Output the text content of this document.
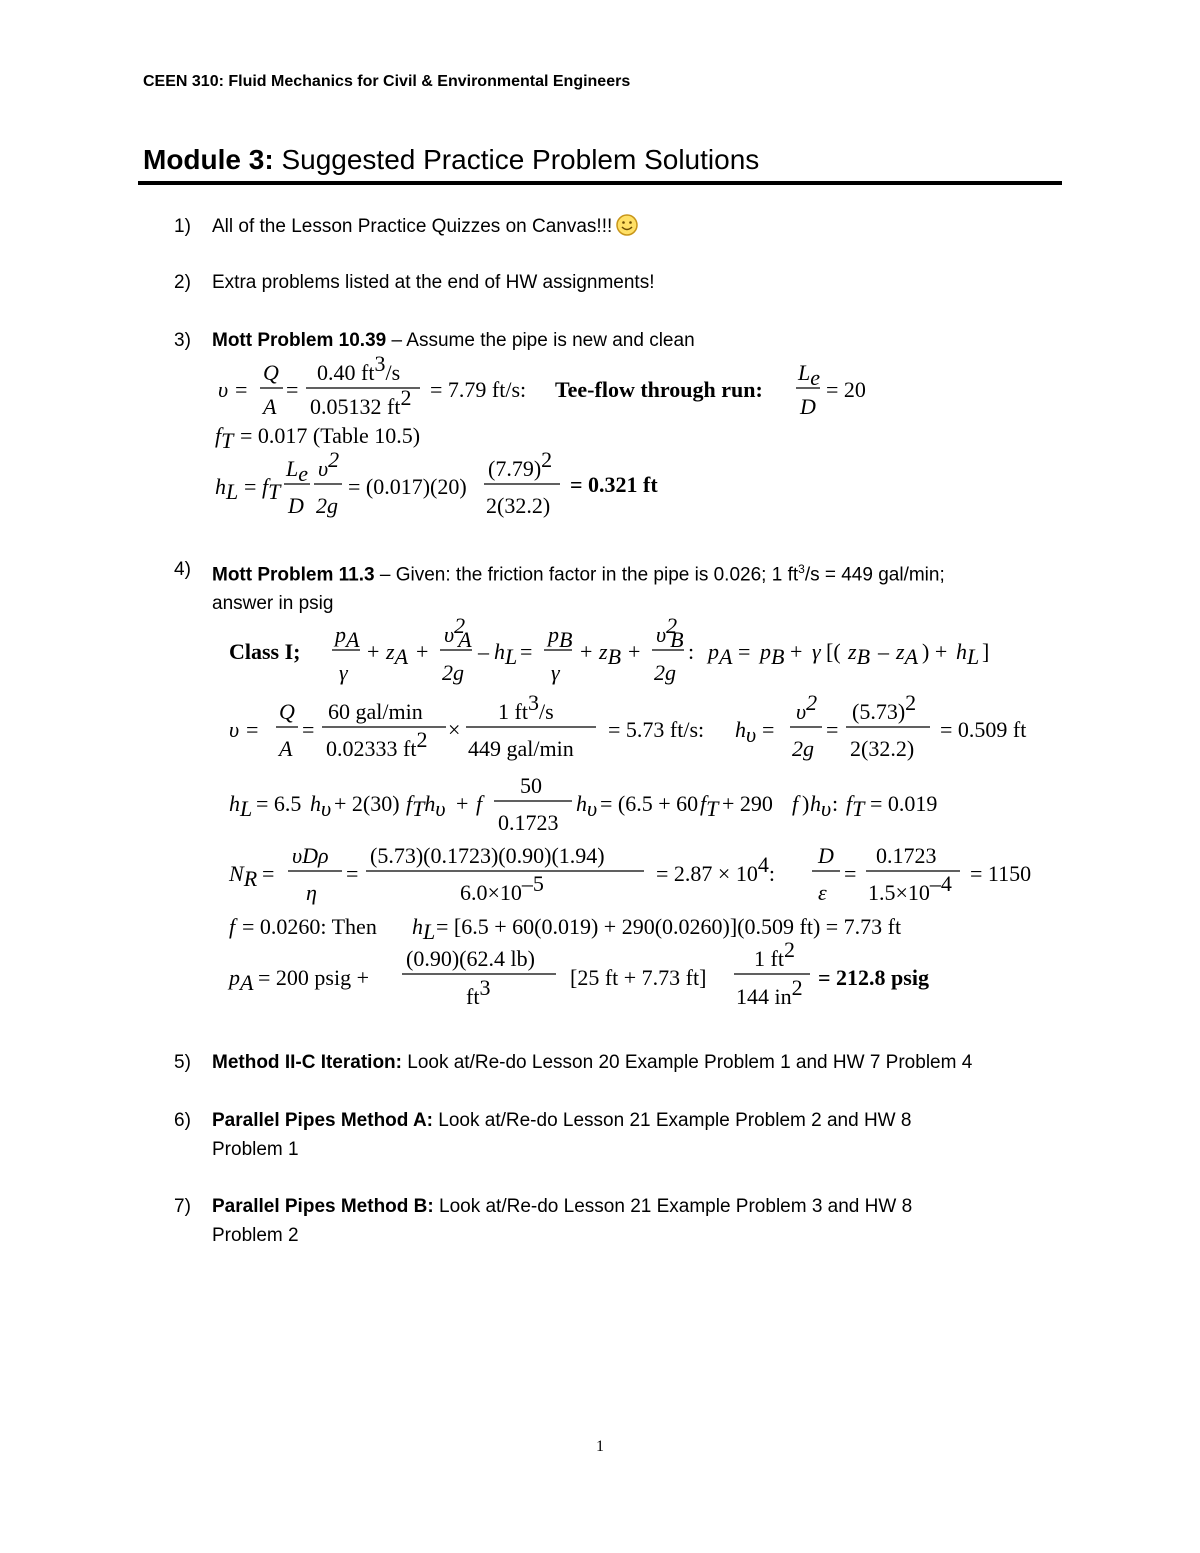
CEEN 310: Fluid Mechanics for Civil & Environmental Engineers
Module 3: Suggested Practice Problem Solutions
1) All of the Lesson Practice Quizzes on Canvas!!!
2) Extra problems listed at the end of HW assignments!
3) Mott Problem 10.39 – Assume the pipe is new and clean
υ =
Q
A
=
0.40 ft3/s
0.05132 ft2 = 7.79 ft/s: Tee-flow through run:
Le
D
= 20
fT = 0.017 (Table 10.5)
hL = fT
Le
D
υ2
2g
= (0.017)(20)
(7.79)2
2(32.2)
= 0.321 ft
4) Mott Problem 11.3 – Given: the friction factor in the pipe is 0.026; 1 $ft^3/s = 449$ gal/min;
answer in psig
Class I;
pA
γ
+ zA +
υ2 A
2g
– hL =
pB
γ
+ zB +
υ2 B
2g
: pA = pB + γ [( zB – zA ) + hL ]
υ =
Q
A
=
60 gal/min
0.02333 ft2 ×
1 ft3/s
449 gal/min
= 5.73 ft/s: hυ =
υ2
2g
=
(5.73)2
2(32.2)
= 0.509 ft
hL = 6.5 hυ + 2(30) fThυ + f
50
0.1723
hυ = (6.5 + 60 fT + 290 f ) hυ : fT = 0.019
NR =
υDρ
η
=
(5.73)(0.1723)(0.90)(1.94)
6.0×10–5	= 2.87 × 104:
D
ε
=
0.1723
1.5×10–4 = 1150
f = 0.0260: Then hL = [6.5 + 60(0.019) + 290(0.0260)](0.509 ft) = 7.73 ft
pA = 200 psig +
(0.90)(62.4 lb)
ft3	[25 ft + 7.73 ft]
1 ft2
144 in2 = 212.8 psig
5) Method II-C Iteration: Look at/Re-do Lesson 20 Example Problem 1 and HW 7 Problem 4
6) Parallel Pipes Method A: Look at/Re-do Lesson 21 Example Problem 2 and HW 8
Problem 1
7) Parallel Pipes Method B: Look at/Re-do Lesson 21 Example Problem 3 and HW 8
Problem 2
1
